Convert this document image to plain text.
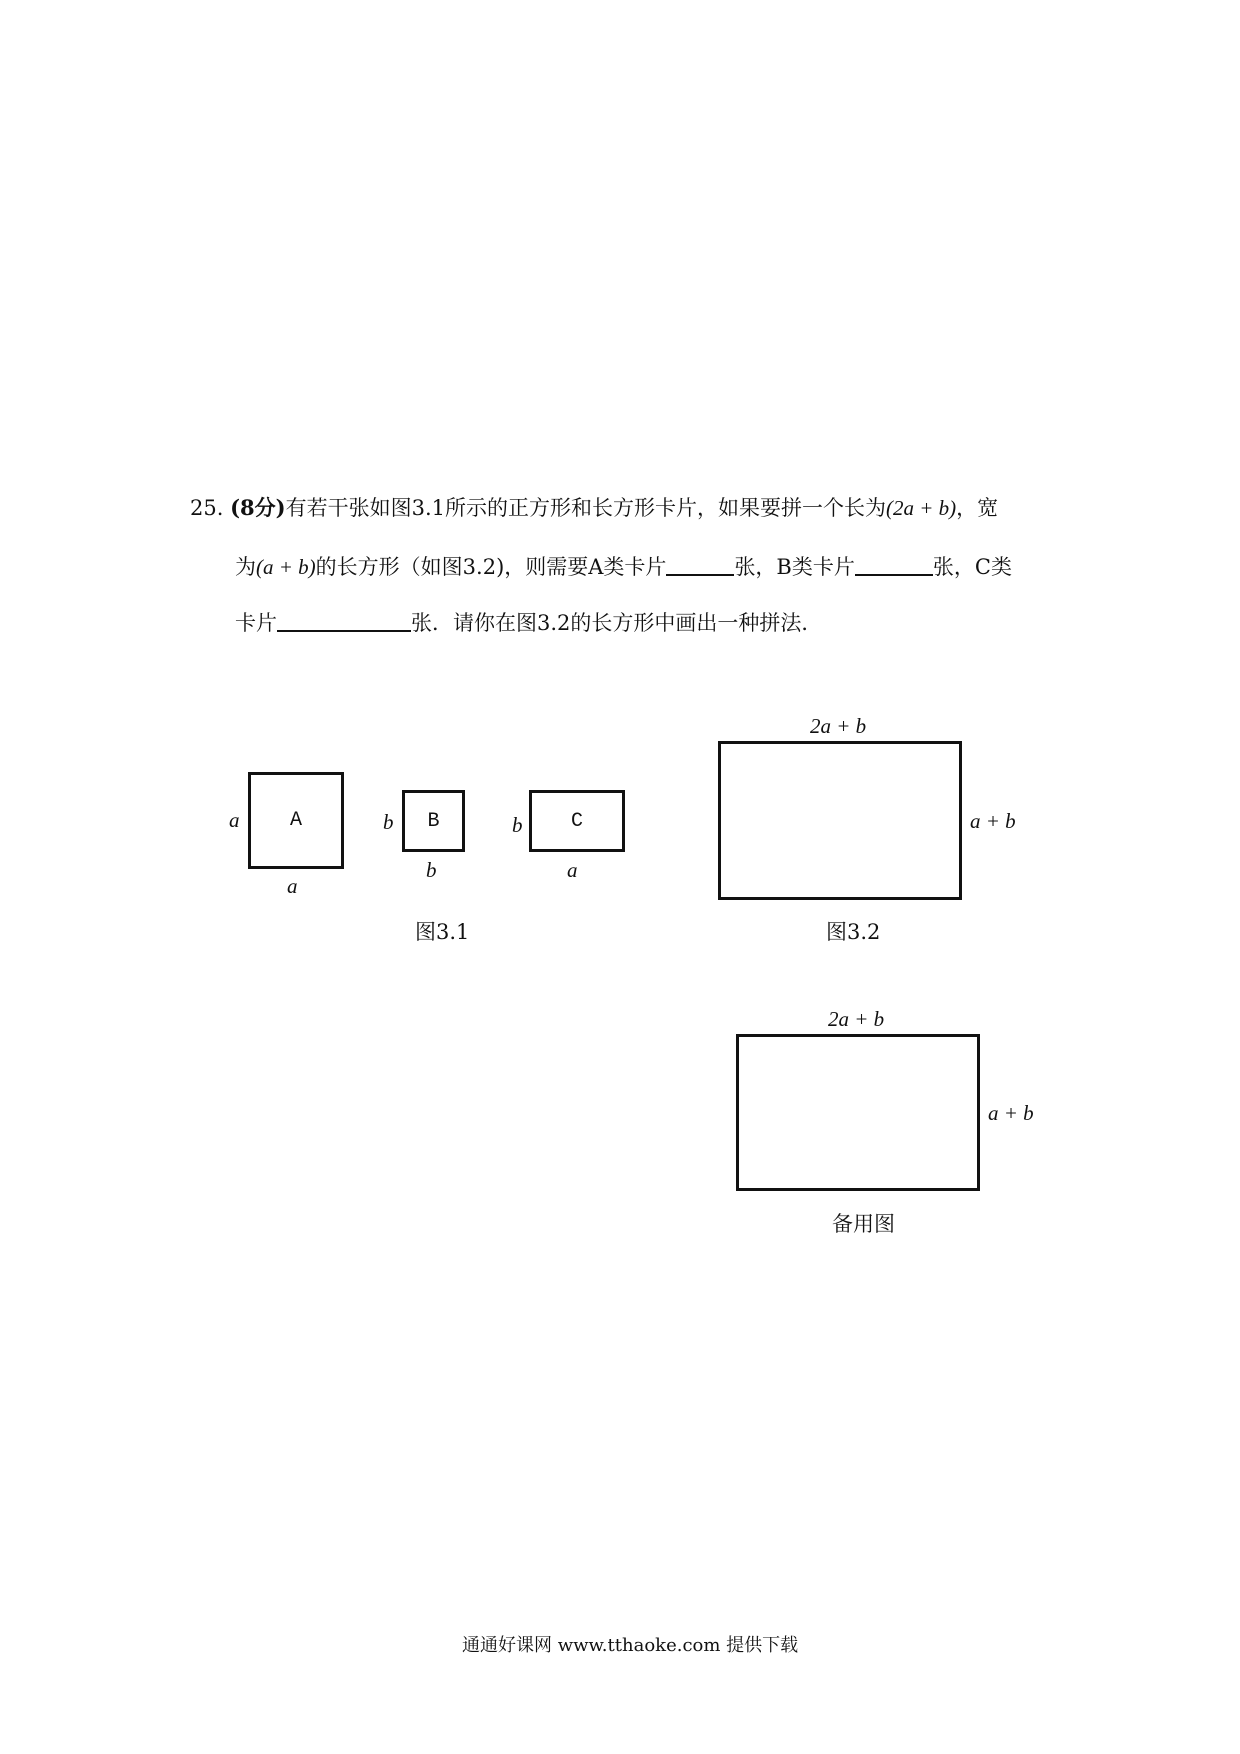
25. (8分)有若干张如图3.1所示的正方形和长方形卡片，如果要拼一个长为(2a + b)，宽
为(a + b)的长方形（如图3.2)，则需要A类卡片	张，B类卡片	张，C类
卡片	张．请你在图3.2的长方形中画出一种拼法．
a	A
a
b B
b
b C
a
图3.1
2a + b
a + b
图3.2
2a + b
a + b
备用图
通通好课网 www.tthaoke.com 提供下载
